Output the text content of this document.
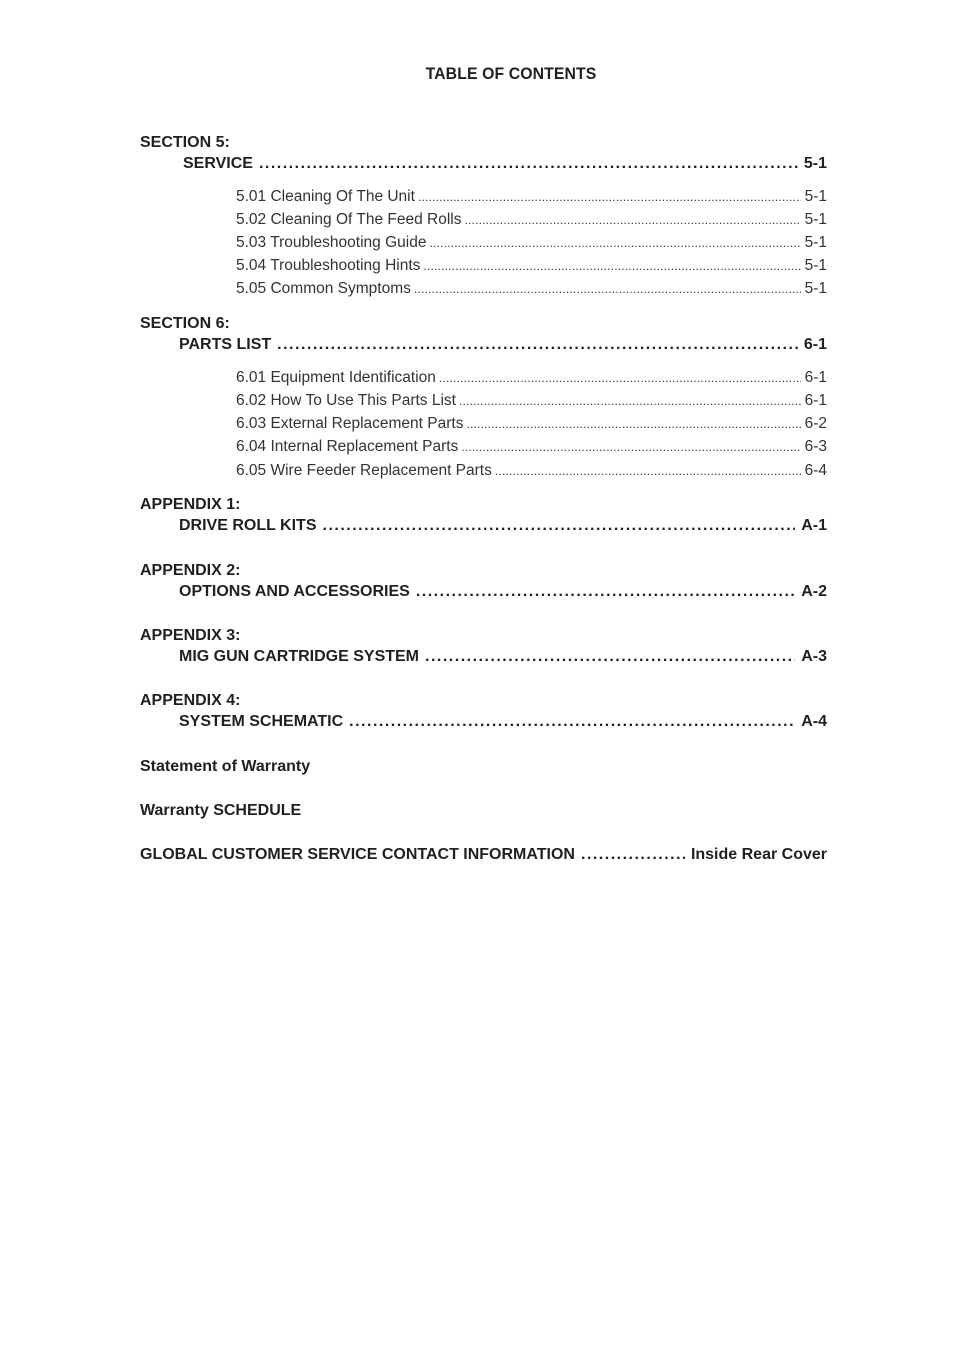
TABLE OF CONTENTS
SECTION 5:
SERVICE .....	5-1
5.01 Cleaning Of The Unit .....	5-1
5.02 Cleaning Of The Feed Rolls .....	5-1
5.03 Troubleshooting Guide .....	5-1
5.04 Troubleshooting Hints .....	5-1
5.05 Common Symptoms .....	5-1
SECTION 6:
PARTS LIST .....	6-1
6.01 Equipment Identification .....	6-1
6.02 How To Use This Parts List .....	6-1
6.03 External Replacement Parts .....	6-2
6.04 Internal Replacement Parts .....	6-3
6.05 Wire Feeder Replacement Parts .....	6-4
APPENDIX 1:
DRIVE ROLL KITS .....	A-1
APPENDIX 2:
OPTIONS AND ACCESSORIES .....	A-2
APPENDIX 3:
MIG GUN CARTRIDGE SYSTEM .....	A-3
APPENDIX 4:
SYSTEM SCHEMATIC .....	A-4
Statement of Warranty
Warranty SCHEDULE
GLOBAL CUSTOMER SERVICE CONTACT INFORMATION .....	Inside Rear Cover
